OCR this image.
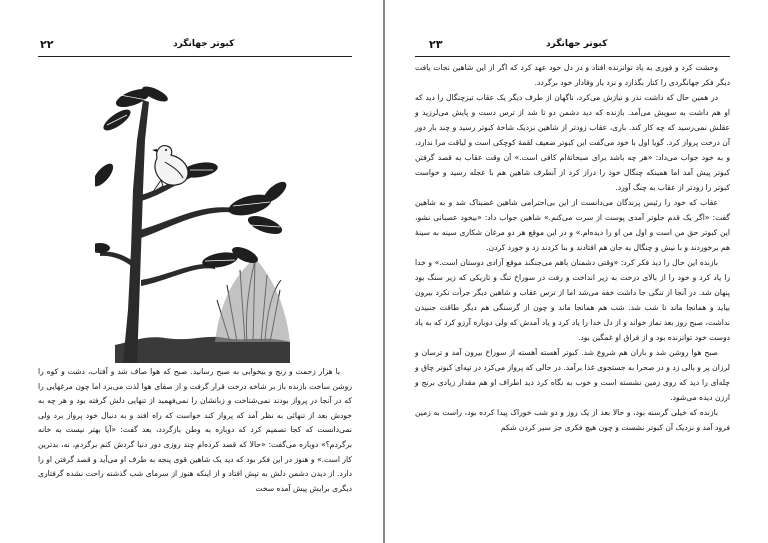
۲۲	کبوتر جهانگرد	۲۳	کبوتر جهانگرد

با هزار زحمت و رنج و بیخوابی به صبح رسانید. صبح که هوا صاف شد و آفتاب، دشت و کوه را روشن ساخت بازنده باز بر شاخه درخت قرار گرفت و از صفای هوا لذت می‌برد اما چون مرغهایی را که در آنجا در پرواز بودند نمی‌شناخت و زبانشان را نمی‌فهمید از تنهایی دلش گرفته بود و هر چه به خودش بعد از تنهائی به نظر آمد که پرواز کند خواست که راه افتد و به دنبال خود پرواز برد ولی نمی‌دانست که کجا تصمیم کرد که دوباره به وطن بازگردد، بعد گفت: «آیا بهتر نیست به خانه برگردم؟» دوباره می‌گفت: «حالا که قصد کرده‌ام چند روزی دور دنیا گردش کنم برگردم، نه، بدترین کار است.» و هنوز در این فکر بود که دید یک شاهین قوی پنجه به طرف او می‌آید و قصد گرفتن او را دارد. از دیدن دشمن دلش به تپش افتاد و از اینکه هنوز از سرمای شب گذشته راحت نشده گرفتاری دیگری برایش پیش آمده سخت

وحشت کرد و فوری به یاد توانزنده افتاد و در دل خود عهد کرد که اگر از این شاهین نجات یافت دیگر فکر جهانگردی را کنار بگذارد و نزد یار وفادار خود برگردد.

در همین حال که داشت نذر و نیازش می‌کرد، ناگهان از طرف دیگر یک عقاب تیزچنگال را دید که او هم داشت به سویش می‌آمد. بازنده که دید دشمن دو تا شد از ترس دست و پایش می‌لرزید و عقلش نمی‌رسید که چه کار کند. باری، عقاب زودتر از شاهین نزدیک شاخهٔ کبوتر رسید و چند بار دور آن درخت پرواز کرد. گویا اول با خود می‌گفت این کبوتر ضعیف لقمهٔ کوچکی است و لیاقت مرا ندارد، و به خود جواب می‌داد: «هر چه باشد برای صبحانهٔ‌ام کافی است.» آن وقت عقاب به قصد گرفتن کبوتر پیش آمد اما همینکه چنگال خود را دراز کرد از آنطرف شاهین هم با عجله رسید و خواست کبوتر را زودتر از عقاب به چنگ آورد.

عقاب که خود را رئیس پرندگان می‌دانست از این بی‌احترامی شاهین غضبناک شد و به شاهین گفت: «اگر یک قدم جلوتر آمدی پوست از سرت می‌کنم.» شاهین جواب داد: «بیخود عصبانی نشو، این کبوتر حق من است و اول من او را دیده‌ام.» و در این موقع هر دو مرغان شکاری سینه به سینهٔ هم برخوردند و با نیش و چنگال به جان هم افتادند و بنا کردند زد و خورد کردن.

بازنده این حال را دید فکر کرد: «وقتی دشمنان باهم می‌جنگند موقع آزادی دوستان است.» و خدا را یاد کرد و خود را از بالای درخت به زیر انداخت و رفت در سوراخ تنگ و تاریکی که زیر سنگ بود پنهان شد. در آنجا از تنگی جا داشت خفه می‌شد اما از ترس عقاب و شاهین دیگر جرأت نکرد بیرون بیاید و همانجا ماند تا شب شد. شب هم همانجا ماند و چون از گرسنگی هم دیگر طاقت جنبیدن نداشت، صبح روز بعد نماز خواند و از دل خدا را یاد کرد و یاد آمدش که ولی دوباره آرزو کرد که به یاد دوست خود توانزنده بود و از فراق او غمگین بود.

صبح هوا روشن شد و باران هم شروع شد. کبوتر آهسته آهسته از سوراخ بیرون آمد و ترسان و لرزان پر و بالی زد و در صحرا به جستجوی غذا برآمد. در حالی که پرواز می‌کرد در تپه‌ای کبوتر چاق و چله‌ای را دید که روی زمین نشسته است و خوب به نگاه کرد دید اطراف او هم مقدار زیادی برنج و ارزن دیده می‌شود.

بازنده که خیلی گرسنه بود، و حالا بعد از یک روز و دو شب خوراک پیدا کرده بود، راست به زمین فرود آمد و نزدیک آن کبوتر نشست و چون هیچ فکری جز سیر کردن شکم
